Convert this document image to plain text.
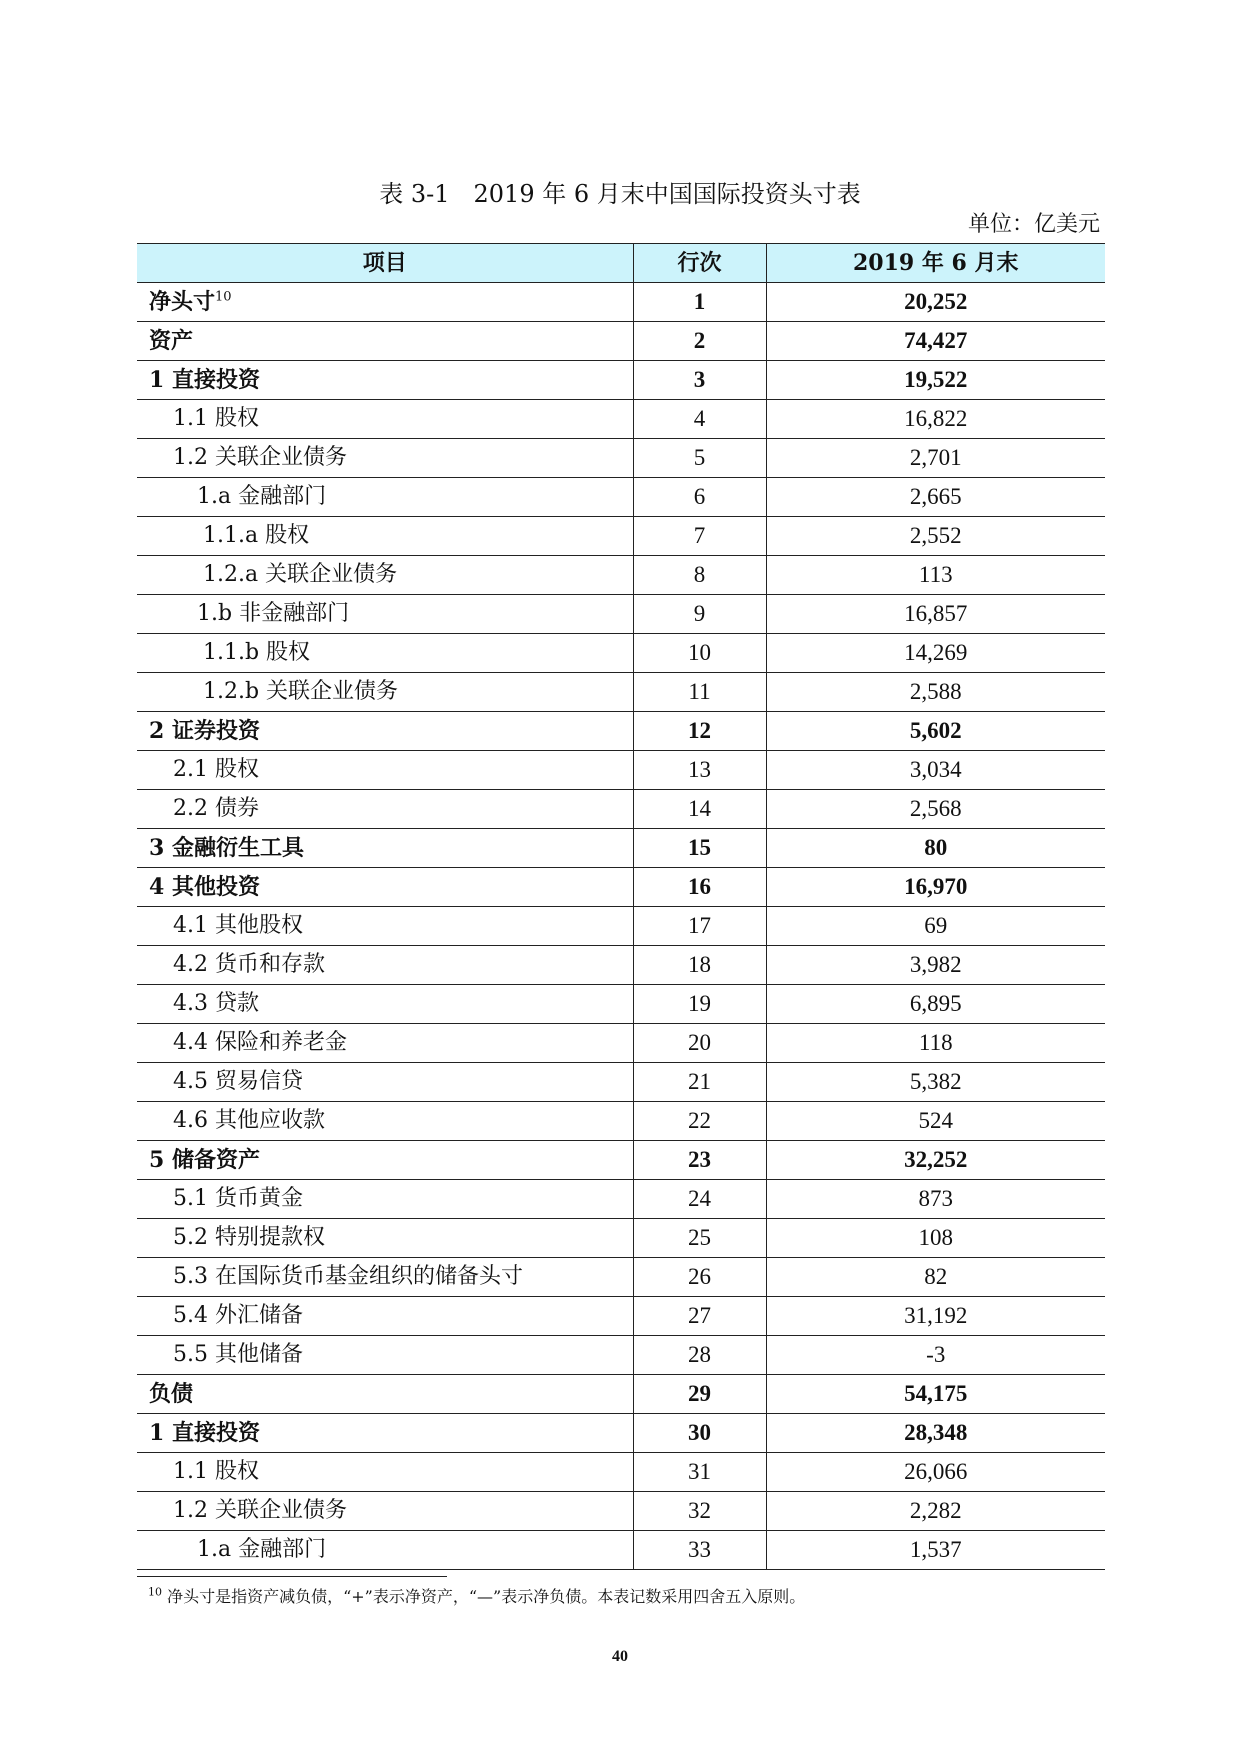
表 3-1　2019 年 6 月末中国国际投资头寸表
单位：亿美元
项目	行次	2019 年 6 月末
净头寸$^{10}$	1	20,252
资产	2	74,427
1 直接投资	3	19,522
1.1 股权	4	16,822
1.2 关联企业债务	5	2,701
1.a 金融部门	6	2,665
1.1.a 股权	7	2,552
1.2.a 关联企业债务	8	113
1.b 非金融部门	9	16,857
1.1.b 股权	10	14,269
1.2.b 关联企业债务	11	2,588
2 证券投资	12	5,602
2.1 股权	13	3,034
2.2 债券	14	2,568
3 金融衍生工具	15	80
4 其他投资	16	16,970
4.1 其他股权	17	69
4.2 货币和存款	18	3,982
4.3 贷款	19	6,895
4.4 保险和养老金	20	118
4.5 贸易信贷	21	5,382
4.6 其他应收款	22	524
5 储备资产	23	32,252
5.1 货币黄金	24	873
5.2 特别提款权	25	108
5.3 在国际货币基金组织的储备头寸	26	82
5.4 外汇储备	27	31,192
5.5 其他储备	28	-3
负债	29	54,175
1 直接投资	30	28,348
1.1 股权	31	26,066
1.2 关联企业债务	32	2,282
1.a 金融部门	33	1,537
$^{10}$ 净头寸是指资产减负债，“+”表示净资产，“—”表示净负债。本表记数采用四舍五入原则。
40
